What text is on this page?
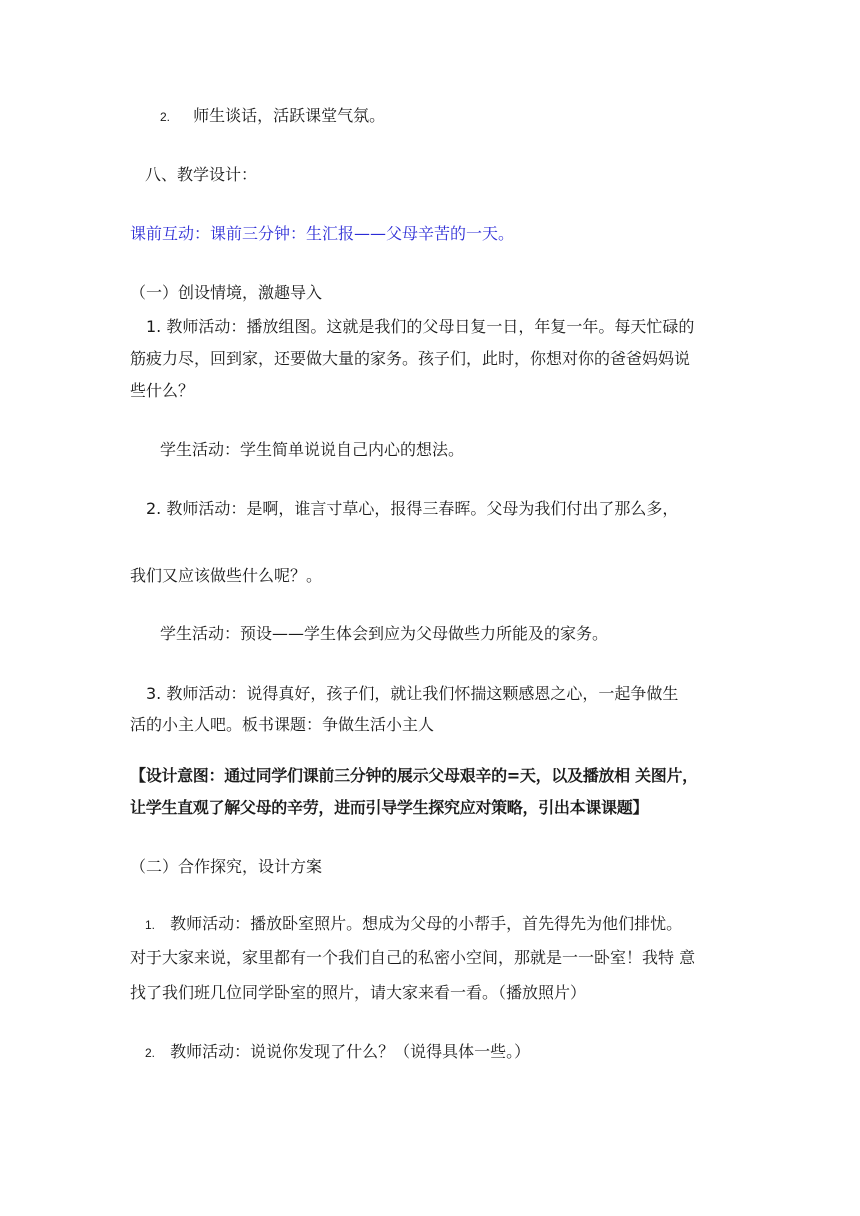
2. 师生谈话，活跃课堂气氛。
八、教学设计：
课前互动：课前三分钟：生汇报——父母辛苦的一天。
（一）创设情境，激趣导入
1. 教师活动：播放组图。这就是我们的父母日复一日，年复一年。每天忙碌的
筋疲力尽，回到家，还要做大量的家务。孩子们，此时，你想对你的爸爸妈妈说
些什么？
学生活动：学生简单说说自己内心的想法。
2. 教师活动：是啊，谁言寸草心，报得三春晖。父母为我们付出了那么多，
我们又应该做些什么呢？。
学生活动：预设——学生体会到应为父母做些力所能及的家务。
3. 教师活动：说得真好，孩子们，就让我们怀揣这颗感恩之心，一起争做生
活的小主人吧。板书课题：争做生活小主人
【设计意图：通过同学们课前三分钟的展示父母艰辛的=天，以及播放相 关图片，
让学生直观了解父母的辛劳，进而引导学生探究应对策略，引出本课课题】
（二）合作探究，设计方案
1. 教师活动：播放卧室照片。想成为父母的小帮手，首先得先为他们排忧。
对于大家来说，家里都有一个我们自己的私密小空间，那就是一一卧室！我特 意
找了我们班几位同学卧室的照片，请大家来看一看。（播放照片）
2. 教师活动：说说你发现了什么？（说得具体一些。）
